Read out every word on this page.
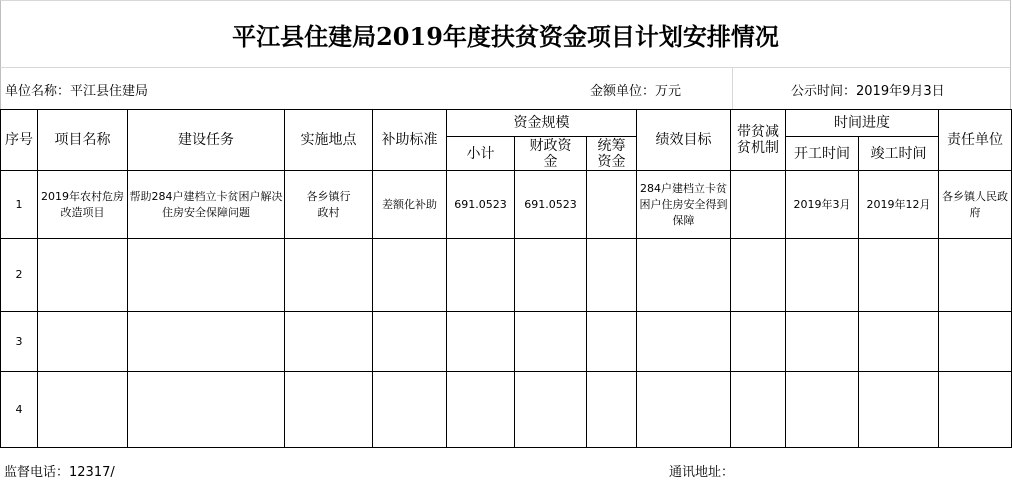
平江县住建局2019年度扶贫资金项目计划安排情况
单位名称：平江县住建局	金额单位：万元	公示时间：2019年9月3日
序号	项目名称	建设任务	实施地点	补助标准	资金规模			绩效目标	带贫减贫机制	时间进度		责任单位
					小计	财政资金	统筹资金			开工时间	竣工时间	
1	2019年农村危房改造项目	帮助284户建档立卡贫困户解决住房安全保障问题	各乡镇行政村	差额化补助	691.0523	691.0523		284户建档立卡贫困户住房安全得到保障		2019年3月	2019年12月	各乡镇人民政府
2												
3												
4												
监督电话：12317/	通讯地址：
